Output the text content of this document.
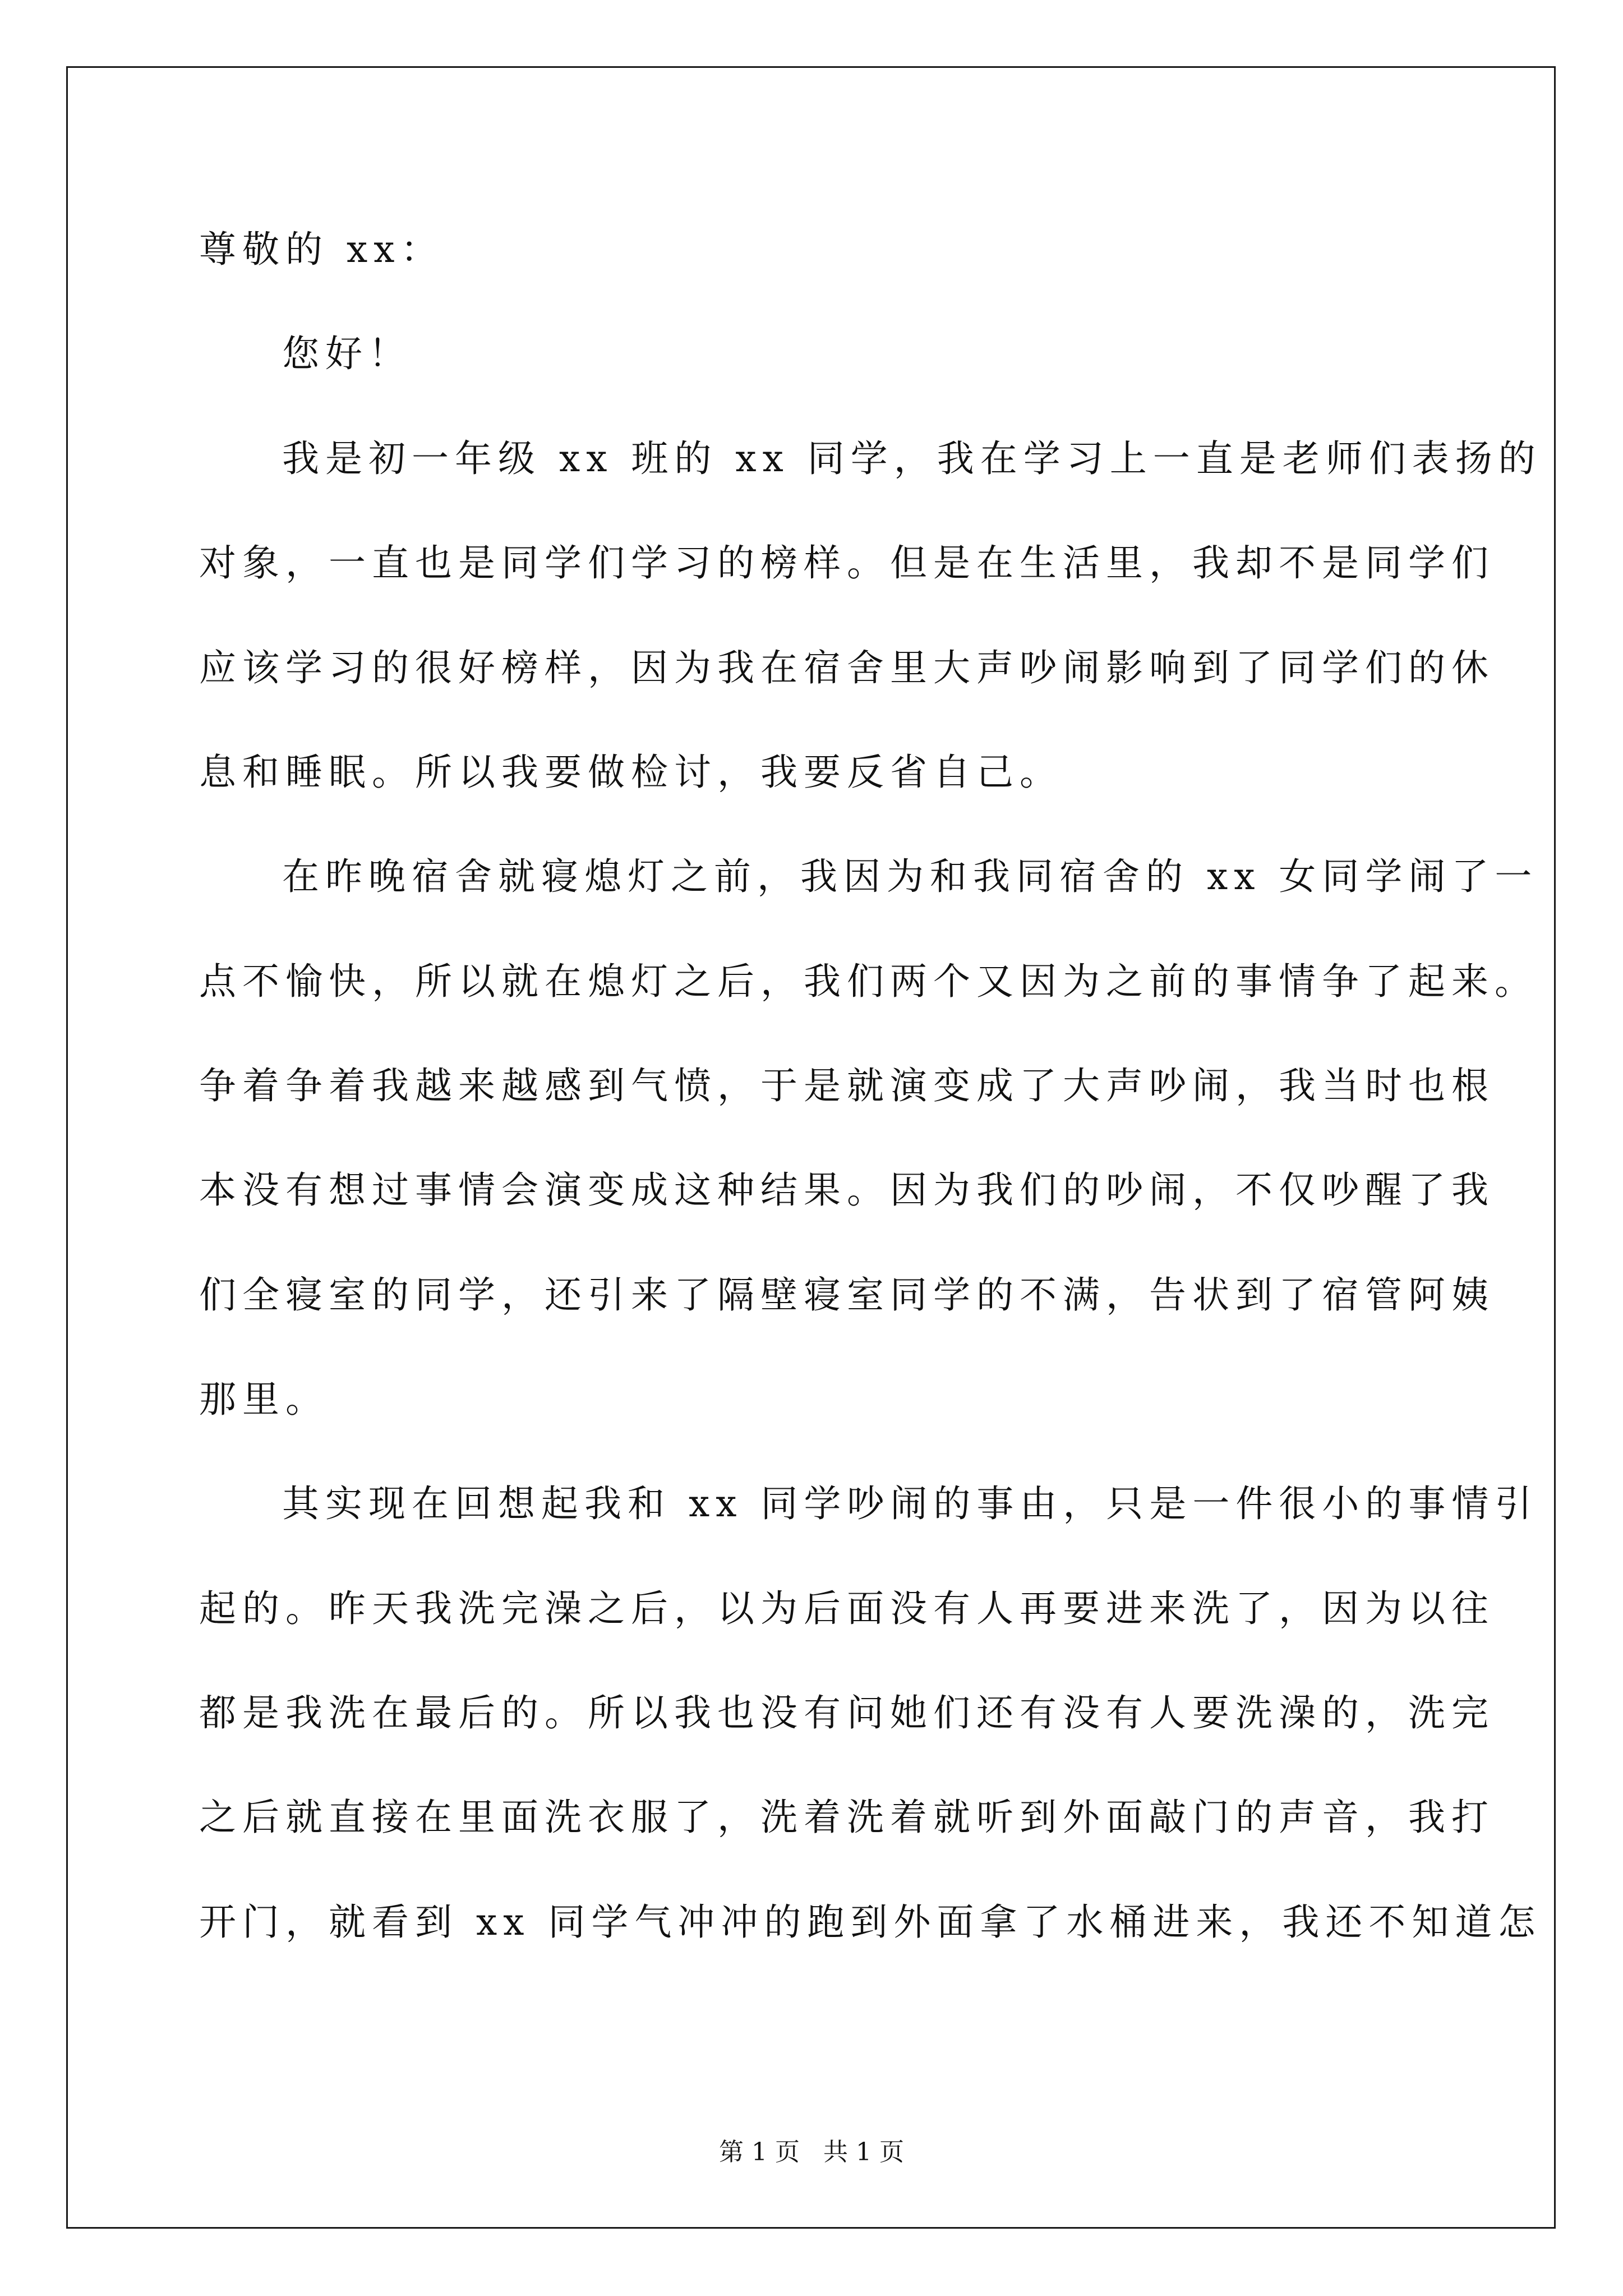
尊敬的 xx：
您好！
我是初一年级 xx 班的 xx 同学，我在学习上一直是老师们表扬的
对象，一直也是同学们学习的榜样。但是在生活里，我却不是同学们
应该学习的很好榜样，因为我在宿舍里大声吵闹影响到了同学们的休
息和睡眠。所以我要做检讨，我要反省自己。
在昨晚宿舍就寝熄灯之前，我因为和我同宿舍的 xx 女同学闹了一
点不愉快，所以就在熄灯之后，我们两个又因为之前的事情争了起来。
争着争着我越来越感到气愤，于是就演变成了大声吵闹，我当时也根
本没有想过事情会演变成这种结果。因为我们的吵闹，不仅吵醒了我
们全寝室的同学，还引来了隔壁寝室同学的不满，告状到了宿管阿姨
那里。
其实现在回想起我和 xx 同学吵闹的事由，只是一件很小的事情引
起的。昨天我洗完澡之后，以为后面没有人再要进来洗了，因为以往
都是我洗在最后的。所以我也没有问她们还有没有人要洗澡的，洗完
之后就直接在里面洗衣服了，洗着洗着就听到外面敲门的声音，我打
开门，就看到 xx 同学气冲冲的跑到外面拿了水桶进来，我还不知道怎
第 1 页   共 1 页
